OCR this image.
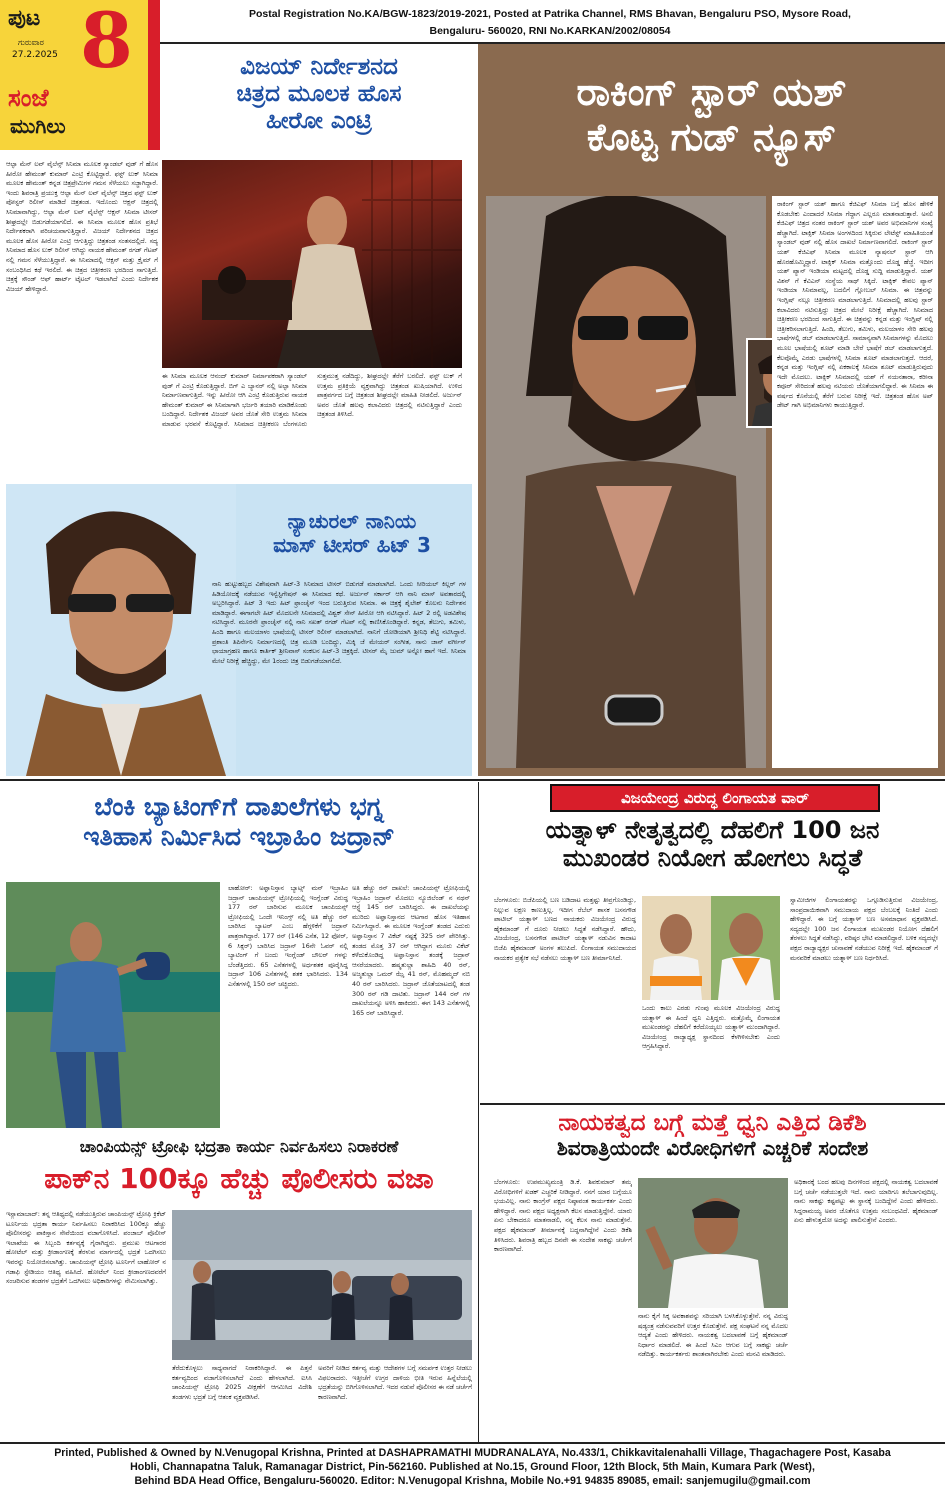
ಪುಟ
ಗುರುವಾರ
27.2.2025 8
ಸಂಜೆ
ಮುಗಿಲು
Postal Registration No.KA/BGW-1823/2019-2021, Posted at Patrika Channel, RMS Bhavan, Bengaluru PSO, Mysore Road,
Bengaluru- 560020, RNI No.KARKAN/2002/08054
ವಿಜಯ್ ನಿರ್ದೇಶನದ
ಚಿತ್ರದ ಮೂಲಕ ಹೊಸ
ಹೀರೋ ಎಂಟ್ರಿ
ಆಲ್ಫಾ ಮೆನ್ ಲವ್ ವೈಲೆನ್ಸ್ ಸಿನಿಮಾ ಮೂಲಕ ಸ್ಯಾಂಡಲ್ ವುಡ್ ಗೆ ಹೊಸ ಹೀರೋ ಹೇಮಂತ್ ಕುಮಾರ್ ಎಂಟ್ರಿ ಕೊಟ್ಟಿದ್ದಾರೆ. ಫಸ್ಟ್ ಲುಕ್ ಸಿನಿಮಾ ಮೂಲಕ ಹೇಮಂತ್ ಕನ್ನಡ ಚಿತ್ರಪ್ರೇಮಿಗಳ ಗಮನ ಸೆಳೆಯಲು ಸಜ್ಜಾಗಿದ್ದಾರೆ. ಇಂದು ಶಿವರಾತ್ರಿ ಪ್ರಯುಕ್ತ ಆಲ್ಫಾ ಮೆನ್ ಲವ್ ವೈಲೆನ್ಸ್ ಚಿತ್ರದ ಫಸ್ಟ್ ಲುಕ್ ಪೋಸ್ಟರ್ ರಿಲೀಸ್ ಮಾಡಿದೆ ಚಿತ್ರತಂಡ. ಇದೊಂದು ಆಕ್ಷನ್ ಚಿತ್ರದಲ್ಲಿ ಸಿನಿಮಾವಾಗಿದ್ದು, ಆಲ್ಫಾ ಮೆನ್ ಲವ್ ವೈಲೆನ್ಸ್ ಆಕ್ಷನ್ ಸಿನಿಮಾ ಟೀಸರ್ ಶೀಘ್ರದಲ್ಲೇ ಬಿಡುಗಡೆಯಾಗಲಿದೆ. ಈ ಸಿನಿಮಾ ಮೂಲಕ ಹೊಸ ಪ್ರತಿಭೆ ನಿರ್ದೇಶಕರಾಗಿ ಪರಿಚಯವಾಗುತ್ತಿದ್ದಾರೆ. ವಿಜಯ್ ನಿರ್ದೇಶನದ ಚಿತ್ರದ ಮೂಲಕ ಹೊಸ ಹೀರೋ ಎಂಟ್ರಿ ಆಗುತ್ತಿದ್ದು ಚಿತ್ರತಂಡ ಸಂತಸದಲ್ಲಿದೆ. ಸದ್ಯ ಸಿನಿಮಾದ ಹೊಸ ಲುಕ್ ರಿಲೀಸ್ ಆಗಿದ್ದು ನಾಯಕ ಹೇಮಂತ್ ರಗಡ್ ಗೆಟಪ್ ನಲ್ಲಿ ಗಮನ ಸೆಳೆಯುತ್ತಿದ್ದಾರೆ. ಈ ಸಿನಿಮಾದಲ್ಲಿ ಆಕ್ಷನ್ ಮತ್ತು ಕ್ರೈಮ್ ಗೆ ಸಂಬಂಧಿಸಿದ ಕಥೆ ಇರಲಿದೆ. ಈ ಚಿತ್ರದ ಚಿತ್ರೀಕರಣ ಭರದಿಂದ ಸಾಗುತ್ತಿದೆ. ಚಿತ್ರಕ್ಕೆ ಸೌಂಡ್ ಆಫ್ ಹಾರ್ಟ್ ಟೈಟಲ್ ಇಡಲಾಗಿದೆ ಎಂದು ನಿರ್ದೇಶಕ ವಿಜಯ್ ಹೇಳಿದ್ದಾರೆ.
ಈ ಸಿನಿಮಾ ಮೂಲಕ ಆನಂದ್ ಕುಮಾರ್ ನಿರ್ಮಾಪಕರಾಗಿ ಸ್ಯಾಂಡಲ್ ವುಡ್ ಗೆ ಎಂಟ್ರಿ ಕೊಡುತ್ತಿದ್ದಾರೆ. ಬಿಗ್ ಎ ಬ್ಯಾನರ್ ನಲ್ಲಿ ಅಲ್ಫಾ ಸಿನಿಮಾ ನಿರ್ಮಾಣವಾಗುತ್ತಿದೆ. ಇನ್ನು ಹೀರೋ ಆಗಿ ಎಂಟ್ರಿ ಕೊಡುತ್ತಿರುವ ನಾಯಕ ಹೇಮಂತ್ ಕುಮಾರ್ ಈ ಸಿನಿಮಾಗಾಗಿ ಭರ್ಜರಿ ತಯಾರಿ ಮಾಡಿಕೊಂಡು ಬಂದಿದ್ದಾರೆ. ನಿರ್ದೇಶಕ ವಿಜಯ್ ಅವರ ಜೊತೆ ಸೇರಿ ಉತ್ತಮ ಸಿನಿಮಾ ಮಾಡುವ ಭರವಸೆ ಕೊಟ್ಟಿದ್ದಾರೆ. ಸಿನಿಮಾದ ಚಿತ್ರೀಕರಣ ಬೆಂಗಳೂರು ಸುತ್ತಮುತ್ತ ನಡೆದಿದ್ದು, ಶೀಘ್ರದಲ್ಲೇ ತೆರೆಗೆ ಬರಲಿದೆ. ಫಸ್ಟ್ ಲುಕ್ ಗೆ ಉತ್ತಮ ಪ್ರತಿಕ್ರಿಯೆ ವ್ಯಕ್ತವಾಗಿದ್ದು ಚಿತ್ರತಂಡ ಖುಷಿಯಾಗಿದೆ. ಉಳಿದ ಪಾತ್ರವರ್ಗದ ಬಗ್ಗೆ ಚಿತ್ರತಂಡ ಶೀಘ್ರದಲ್ಲೇ ಮಾಹಿತಿ ನೀಡಲಿದೆ. ಅರ್ಜುನ್ ಅವರ ಜೊತೆ ಹಲವು ಕಲಾವಿದರು ಚಿತ್ರದಲ್ಲಿ ನಟಿಸುತ್ತಿದ್ದಾರೆ ಎಂದು ಚಿತ್ರತಂಡ ತಿಳಿಸಿದೆ.
ನ್ಯಾಚುರಲ್ ನಾನಿಯ
ಮಾಸ್ ಟೀಸರ್ ಹಿಟ್ 3
ನಾನಿ ಹುಟ್ಟುಹಬ್ಬದ ವಿಶೇಷವಾಗಿ ಹಿಟ್-3 ಸಿನಿಮಾದ ಟೀಸರ್ ಬಿಡುಗಡೆ ಮಾಡಲಾಗಿದೆ. ಒಂದು ಸೀರಿಯಲ್ ಕಿಲ್ಲರ್ ಗಳ ಹಿಡಿಯೋದಕ್ಕೆ ನಡೆಯುವ ಇನ್ವೆಸ್ಟಿಗೇಷನ್ ಈ ಸಿನಿಮಾದ ಕಥೆ. ಅರ್ಜುನ್ ಸರ್ಕಾರ್ ಆಗಿ ನಾನಿ ಮಾಸ್ ಅವತಾರದಲ್ಲಿ ಅಬ್ಬರಿಸಿದ್ದಾರೆ. ಹಿಟ್ 3 ಇದು ಹಿಟ್ ಫ್ರಾಂಚೈಸ್ ಇಂದ ಬರುತ್ತಿರುವ ಸಿನಿಮಾ. ಈ ಚಿತ್ರಕ್ಕೆ ಶೈಲೇಶ್ ಕೊಲನು ನಿರ್ದೇಶನ ಮಾಡಿದ್ದಾರೆ. ಈಗಾಗಲೇ ಹಿಟ್ ಮೊದಲನೇ ಸಿನಿಮಾದಲ್ಲಿ ವಿಶ್ವಕ್ ಸೇನ್ ಹೀರೋ ಆಗಿ ನಟಿಸಿದ್ದಾರೆ. ಹಿಟ್ 2 ರಲ್ಲಿ ಅಡವಿಶೇಷ ನಟಿಸಿದ್ದಾರೆ. ಮೂರನೇ ಫ್ರಾಂಚೈಸ್ ನಲ್ಲಿ ನಾನಿ ಸಖತ್ ರಗಡ್ ಗೆಟಪ್ ನಲ್ಲಿ ಕಾಣಿಸಿಕೊಂಡಿದ್ದಾರೆ. ಕನ್ನಡ, ತೆಲುಗು, ತಮಿಳು, ಹಿಂದಿ ಹಾಗೂ ಮಲಯಾಳಂ ಭಾಷೆಯಲ್ಲಿ ಟೀಸರ್ ರಿಲೀಸ್ ಮಾಡಲಾಗಿದೆ. ನಾನಿಗೆ ಜೋಡಿಯಾಗಿ ಶ್ರೀನಿಧಿ ಶೆಟ್ಟಿ ನಟಿಸಿದ್ದಾರೆ. ಪ್ರಶಾಂತಿ ತಿಪಿರ್ನೇನಿ ನಿರ್ಮಾಣದಲ್ಲಿ ಚಿತ್ರ ಮೂಡಿ ಬಂದಿದ್ದು, ಮಿಕ್ಕಿ ಜೆ ಮೇಯರ್ ಸಂಗೀತ, ಸಾನು ಜಾನ್ ವರ್ಗೀಸ್ ಛಾಯಾಗ್ರಹಣ ಹಾಗೂ ಕಾರ್ತಿಕ್ ಶ್ರೀನಿವಾಸ್ ಸಂಕಲನ ಹಿಟ್-3 ಚಿತ್ರಕ್ಕಿದೆ. ಟೀಸರ್ ಮೈ ಜುಮ್ ಅನ್ನೋ ಹಾಗೆ ಇದೆ. ಸಿನಿಮಾ ಮೇಲೆ ನಿರೀಕ್ಷೆ ಹೆಚ್ಚಿದ್ದು, ಮೇ 1ರಂದು ಚಿತ್ರ ಬಿಡುಗಡೆಯಾಗಲಿದೆ.
ರಾಕಿಂಗ್ ಸ್ಟಾರ್ ಯಶ್
ಕೊಟ್ಟ ಗುಡ್ ನ್ಯೂಸ್
ರಾಕಿಂಗ್ ಸ್ಟಾರ್ ಯಶ್ ಹಾಗೂ ಕೆಜಿಎಫ್ ಸಿನಿಮಾ ಬಗ್ಗೆ ಹೊಸ ಹೇಳಿಕೆ ಕೊಡಬೇಕು ಎಂದಾದರೆ ಸಿನಿಮಾ ಗೆದ್ದಾಗ ಎಲ್ಲರೂ ಮಾತನಾಡುತ್ತಾರೆ. ಅಸಲಿ ಕೆಜಿಎಫ್ ಚಿತ್ರದ ನಂತರ ರಾಕಿಂಗ್ ಸ್ಟಾರ್ ಯಶ್ ಅವರ ಅಭಿಮಾನಿಗಳ ಸಂಖ್ಯೆ ಹೆಚ್ಚಾಗಿದೆ. ಟಾಕ್ಸಿಕ್ ಸಿನಿಮಾ ಅಂಗಳದಿಂದ ಸಿಕ್ಕಿರುವ ಲೇಟೆಸ್ಟ್ ಮಾಹಿತಿಯಂತೆ ಸ್ಯಾಂಡಲ್ ವುಡ್ ನಲ್ಲಿ ಹೊಸ ದಾಖಲೆ ನಿರ್ಮಾಣವಾಗಲಿದೆ. ರಾಕಿಂಗ್ ಸ್ಟಾರ್ ಯಶ್ ಕೆಜಿಎಫ್ ಸಿನಿಮಾ ಮೂಲಕ ನ್ಯಾಷನಲ್ ಸ್ಟಾರ್ ಆಗಿ ಹೊರಹೊಮ್ಮಿದ್ದಾರೆ. ಟಾಕ್ಸಿಕ್ ಸಿನಿಮಾ ಮತ್ತೊಂದು ದೊಡ್ಡ ಹೆಜ್ಜೆ. ಇದೀಗ ಯಶ್ ಪ್ಯಾನ್ ಇಂಡಿಯಾ ಮಟ್ಟದಲ್ಲಿ ದೊಡ್ಡ ಸುದ್ದಿ ಮಾಡುತ್ತಿದ್ದಾರೆ. ಯಶ್ ವಿಶನ್ ಗೆ ಕೆವಿಎನ್ ಸಂಸ್ಥೆಯ ಸಾಥ್ ಸಿಕ್ಕಿದೆ. ಟಾಕ್ಸಿಕ್ ಕೇವಲ ಪ್ಯಾನ್ ಇಂಡಿಯಾ ಸಿನಿಮಾವಲ್ಲ, ಬದಲಿಗೆ ಗ್ಲೋಬಲ್ ಸಿನಿಮಾ. ಈ ಚಿತ್ರವನ್ನು ಇಂಗ್ಲಿಷ್ ನಲ್ಲೂ ಚಿತ್ರೀಕರಣ ಮಾಡಲಾಗುತ್ತಿದೆ. ಸಿನಿಮಾದಲ್ಲಿ ಹಲವು ಸ್ಟಾರ್ ಕಲಾವಿದರು ನಟಿಸುತ್ತಿದ್ದು ಚಿತ್ರದ ಮೇಲೆ ನಿರೀಕ್ಷೆ ಹೆಚ್ಚಾಗಿದೆ. ಸಿನಿಮಾದ ಚಿತ್ರೀಕರಣ ಭರದಿಂದ ಸಾಗುತ್ತಿದೆ. ಈ ಚಿತ್ರವನ್ನು ಕನ್ನಡ ಮತ್ತು ಇಂಗ್ಲಿಷ್ ನಲ್ಲಿ ಚಿತ್ರೀಕರಿಸಲಾಗುತ್ತಿದೆ. ಹಿಂದಿ, ತೆಲುಗು, ತಮಿಳು, ಮಲಯಾಳಂ ಸೇರಿ ಹಲವು ಭಾಷೆಗಳಲ್ಲಿ ಡಬ್ ಮಾಡಲಾಗುತ್ತಿದೆ. ಸಾಮಾನ್ಯವಾಗಿ ಸಿನಿಮಾಗಳನ್ನು ಮೊದಲು ಮೂಲ ಭಾಷೆಯಲ್ಲಿ ಶೂಟ್ ಮಾಡಿ ಬೇರೆ ಭಾಷೆಗೆ ಡಬ್ ಮಾಡಲಾಗುತ್ತದೆ. ಕೆಲವೊಮ್ಮೆ ಎರಡು ಭಾಷೆಗಳಲ್ಲಿ ಸಿನಿಮಾ ಶೂಟ್ ಮಾಡಲಾಗುತ್ತದೆ. ಆದರೆ, ಕನ್ನಡ ಮತ್ತು ಇಂಗ್ಲಿಷ್ ನಲ್ಲಿ ಏಕಕಾಲಕ್ಕೆ ಸಿನಿಮಾ ಶೂಟ್ ಮಾಡುತ್ತಿರುವುದು ಇದೇ ಮೊದಲು. ಟಾಕ್ಸಿಕ್ ಸಿನಿಮಾದಲ್ಲಿ ಯಶ್ ಗೆ ನಯನತಾರಾ, ಕರೀನಾ ಕಪೂರ್ ಸೇರಿದಂತೆ ಹಲವು ನಟಿಯರು ಜೊತೆಯಾಗಲಿದ್ದಾರೆ. ಈ ಸಿನಿಮಾ ಈ ವರ್ಷದ ಕೊನೆಯಲ್ಲಿ ತೆರೆಗೆ ಬರುವ ನಿರೀಕ್ಷೆ ಇದೆ. ಚಿತ್ರತಂಡ ಹೊಸ ಅಪ್ ಡೇಟ್ ಗಾಗಿ ಅಭಿಮಾನಿಗಳು ಕಾಯುತ್ತಿದ್ದಾರೆ.
ಬೆಂಕಿ ಬ್ಯಾಟಿಂಗ್‌ಗೆ ದಾಖಲೆಗಳು ಭಗ್ನ
ಇತಿಹಾಸ ನಿರ್ಮಿಸಿದ ಇಬ್ರಾಹಿಂ ಜದ್ರಾನ್
ಲಾಹೋರ್: ಅಫ್ಘಾನಿಸ್ತಾನ ಬ್ಯಾಟ್ಸ್ ಮನ್ ಇಬ್ರಾಹಿಂ ಜದ್ರಾನ್ ಚಾಂಪಿಯನ್ಸ್ ಟ್ರೋಫಿಯಲ್ಲಿ ಇಂಗ್ಲೆಂಡ್ ವಿರುದ್ಧ 177 ರನ್ ಬಾರಿಸುವ ಮೂಲಕ ಚಾಂಪಿಯನ್ಸ್ ಟ್ರೋಫಿಯಲ್ಲಿ ಒಂದೇ ಇನಿಂಗ್ಸ್ ನಲ್ಲಿ ಅತಿ ಹೆಚ್ಚು ರನ್ ಬಾರಿಸಿದ ಬ್ಯಾಟರ್ ಎಂಬ ಹೆಗ್ಗಳಿಕೆಗೆ ಜದ್ರಾನ್ ಪಾತ್ರರಾಗಿದ್ದಾರೆ. 177 ರನ್ (146 ಎಸೆತ, 12 ಫೋರ್, 6 ಸಿಕ್ಸರ್) ಬಾರಿಸಿದ ಜದ್ರಾನ್ 16ನೇ ಓವರ್ ನಲ್ಲಿ ಬ್ಯಾಟಿಂಗ್ ಗೆ ಬಂದು ಇಂಗ್ಲೆಂಡ್ ಬೌಲರ್ ಗಳನ್ನು ಬೆಂಡೆತ್ತಿದರು. 65 ಎಸೆತಗಳಲ್ಲಿ ಅರ್ಧಶತಕ ಪೂರೈಸಿದ್ದ ಜದ್ರಾನ್ 106 ಎಸೆತಗಳಲ್ಲಿ ಶತಕ ಭಾರಿಸಿದರು. 134 ಎಸೆತಗಳಲ್ಲಿ 150 ರನ್ ಚಚ್ಚಿದರು.
ಅತಿ ಹೆಚ್ಚು ರನ್ ದಾಖಲೆ: ಚಾಂಪಿಯನ್ಸ್ ಟ್ರೋಫಿಯಲ್ಲಿ ಇಬ್ರಾಹಿಂ ಜದ್ರಾನ್ ಮೊದಲು ನ್ಯೂಜಿಲೆಂಡ್ ನ ನಥನ್ ಆಸ್ಟ್ಲೆ 145 ರನ್ ಬಾರಿಸಿದ್ದರು. ಈ ದಾಖಲೆಯನ್ನು ಮುರಿದು ಅಫ್ಘಾನಿಸ್ತಾನದ ಆಟಗಾರ ಹೊಸ ಇತಿಹಾಸ ನಿರ್ಮಿಸಿದ್ದಾರೆ. ಈ ಮೂಲಕ ಇಂಗ್ಲೆಂಡ್ ತಂಡದ ಎದುರು ಅಫ್ಘಾನಿಸ್ತಾನ 7 ವಿಕೆಟ್ ನಷ್ಟಕ್ಕೆ 325 ರನ್ ಪೇರಿಸಿತ್ತು. ತಂಡದ ಮೊತ್ತ 37 ರನ್ ಆಗಿದ್ದಾಗ ಮೂರು ವಿಕೆಟ್ ಕಳೆದುಕೊಂಡಿದ್ದ ಅಫ್ಘಾನಿಸ್ತಾನ ತಂಡಕ್ಕೆ ಜದ್ರಾನ್ ಆಸರೆಯಾದರು. ಹಷ್ಮತುಲ್ಲಾ ಶಾಹಿದಿ 40 ರನ್, ಅಜ್ಮತುಲ್ಲಾ ಒಮರ್ ಝೈ 41 ರನ್, ಮೊಹಮ್ಮದ್ ನಬಿ 40 ರನ್ ಬಾರಿಸಿದರು. ಜದ್ರಾನ್ ಜೊತೆಯಾಟದಲ್ಲಿ ತಂಡ 300 ರನ್ ಗಡಿ ದಾಟಿತು. ಜದ್ರಾನ್ 144 ರನ್ ಗಳ ದಾಖಲೆಯನ್ನೂ ಅಳಿಸಿ ಹಾಕಿದರು. ಈಗ 143 ಎಸೆತಗಳಲ್ಲಿ 165 ರನ್ ಬಾರಿಸಿದ್ದಾರೆ.
ವಿಜಯೇಂದ್ರ ವಿರುದ್ಧ ಲಿಂಗಾಯತ ವಾರ್
ಯತ್ನಾಳ್ ನೇತೃತ್ವದಲ್ಲಿ ದೆಹಲಿಗೆ 100 ಜನ
ಮುಖಂಡರ ನಿಯೋಗ ಹೋಗಲು ಸಿದ್ಧತೆ
ಬೆಂಗಳೂರು: ಬಿಜೆಪಿಯಲ್ಲಿ ಬಣ ಬಡಿದಾಟ ಮತ್ತಷ್ಟು ತೀವ್ರಗೊಂಡಿದ್ದು, ನಿಲ್ಲುವ ಲಕ್ಷಣ ಕಾಣುತ್ತಿಲ್ಲ. ಇದೀಗ ರೆಬೆಲ್ ಶಾಸಕ ಬಸನಗೌಡ ಪಾಟೀಲ್ ಯತ್ನಾಳ್ ಬಣದ ನಾಯಕರು ವಿಜಯೇಂದ್ರ ವಿರುದ್ಧ ಹೈಕಮಾಂಡ್ ಗೆ ದೂರು ನೀಡಲು ಸಿದ್ಧತೆ ನಡೆಸಿದ್ದಾರೆ. ಹೌದು, ವಿಜಯೇಂದ್ರ, ಬಸನಗೌಡ ಪಾಟೀಲ್ ಯತ್ನಾಳ್ ನಡುವಿನ ಕಾದಾಟ ಬಿಜೆಪಿ ಹೈಕಮಾಂಡ್ ಅಂಗಳ ತಲುಪಿದೆ. ಲಿಂಗಾಯತ ಸಮುದಾಯದ ನಾಯಕರ ಪ್ರತ್ಯೇಕ ಸಭೆ ನಡೆಸಲು ಯತ್ನಾಳ್ ಬಣ ತೀರ್ಮಾನಿಸಿದೆ.
ಒಂದು ಕಾಲು ಎರಡು ಗುಂಪು ಮೂಲಕ ವಿಜಯೇಂದ್ರ ವಿರುದ್ಧ ಯತ್ನಾಳ್ ಈ ಹಿಂದೆ ಧ್ವನಿ ಎತ್ತಿದ್ದರು. ಮತ್ತೊಮ್ಮೆ ಲಿಂಗಾಯತ ಮುಖಂಡರನ್ನು ದೆಹಲಿಗೆ ಕರೆದೊಯ್ಯಲು ಯತ್ನಾಳ್ ಮುಂದಾಗಿದ್ದಾರೆ. ವಿಜಯೇಂದ್ರ ರಾಜ್ಯಾಧ್ಯಕ್ಷ ಸ್ಥಾನದಿಂದ ಕೆಳಗಿಳಿಸಬೇಕು ಎಂದು ಆಗ್ರಹಿಸಿದ್ದಾರೆ.
ಸ್ವಾಮೀಜಿಗಳ ಲಿಂಗಾಯತರನ್ನು ಒಗ್ಗೂಡಿಸುತ್ತಿರುವ ವಿಜಯೇಂದ್ರ, ಸಾಂಪ್ರದಾಯಿಕವಾಗಿ ಸಮುದಾಯ ಪಕ್ಷದ ಬೆಂಬಲಕ್ಕೆ ನಿಂತಿದೆ ಎಂದು ಹೇಳಿದ್ದಾರೆ. ಈ ಬಗ್ಗೆ ಯತ್ನಾಳ್ ಬಣ ಅಸಮಾಧಾನ ವ್ಯಕ್ತಪಡಿಸಿದೆ. ಸದ್ಯದಲ್ಲೇ 100 ಜನ ಲಿಂಗಾಯತ ಮುಖಂಡರ ನಿಯೋಗ ದೆಹಲಿಗೆ ತೆರಳಲು ಸಿದ್ಧತೆ ನಡೆಸಿದ್ದು, ವರಿಷ್ಠರ ಭೇಟಿ ಮಾಡಲಿದ್ದಾರೆ. ಬಳಿಕ ಸದ್ಯದಲ್ಲೇ ಪಕ್ಷದ ರಾಜ್ಯಾಧ್ಯಕ್ಷರ ಚುನಾವಣೆ ನಡೆಯುವ ನಿರೀಕ್ಷೆ ಇದೆ. ಹೈಕಮಾಂಡ್ ಗೆ ಮನವರಿಕೆ ಮಾಡಲು ಯತ್ನಾಳ್ ಬಣ ನಿರ್ಧರಿಸಿದೆ.
ನಾಯಕತ್ವದ ಬಗ್ಗೆ ಮತ್ತೆ ಧ್ವನಿ ಎತ್ತಿದ ಡಿಕೆಶಿ
ಶಿವರಾತ್ರಿಯಂದೇ ವಿರೋಧಿಗಳಿಗೆ ಎಚ್ಚರಿಕೆ ಸಂದೇಶ
ಬೆಂಗಳೂರು: ಉಪಮುಖ್ಯಮಂತ್ರಿ ಡಿ.ಕೆ. ಶಿವಕುಮಾರ್ ತಮ್ಮ ವಿರೋಧಿಗಳಿಗೆ ಖಡಕ್ ಎಚ್ಚರಿಕೆ ನೀಡಿದ್ದಾರೆ. ನನಗೆ ಯಾರ ಬಗ್ಗೆಯೂ ಭಯವಿಲ್ಲ. ನಾನು ಕಾಂಗ್ರೆಸ್ ಪಕ್ಷದ ನಿಷ್ಠಾವಂತ ಕಾರ್ಯಕರ್ತ ಎಂದು ಹೇಳಿದ್ದಾರೆ. ನಾನು ಪಕ್ಷದ ಅಧ್ಯಕ್ಷನಾಗಿ ಕೆಲಸ ಮಾಡುತ್ತಿದ್ದೇನೆ. ಯಾರು ಏನು ಬೇಕಾದರೂ ಮಾತನಾಡಲಿ, ನನ್ನ ಕೆಲಸ ನಾನು ಮಾಡುತ್ತೇನೆ. ಪಕ್ಷದ ಹೈಕಮಾಂಡ್ ತೀರ್ಮಾನಕ್ಕೆ ಬದ್ಧನಾಗಿದ್ದೇನೆ ಎಂದು ಡಿಕೆಶಿ ತಿಳಿಸಿದರು. ಶಿವರಾತ್ರಿ ಹಬ್ಬದ ದಿನವೇ ಈ ಸಂದೇಶ ಸಾಕಷ್ಟು ಚರ್ಚೆಗೆ ಕಾರಣವಾಗಿದೆ.
ನಾನು ಕೈಗೆ ಸಿಕ್ಕ ಅವಕಾಶವನ್ನು ಸರಿಯಾಗಿ ಬಳಸಿಕೊಳ್ಳುತ್ತೇನೆ. ನನ್ನ ವಿರುದ್ಧ ಷಡ್ಯಂತ್ರ ನಡೆಸುವವರಿಗೆ ಉತ್ತರ ಕೊಡುತ್ತೇನೆ. ಪಕ್ಷ ಸಂಘಟನೆ ನನ್ನ ಮೊದಲ ಆದ್ಯತೆ ಎಂದು ಹೇಳಿದರು. ನಾಯಕತ್ವ ಬದಲಾವಣೆ ಬಗ್ಗೆ ಹೈಕಮಾಂಡ್ ನಿರ್ಧಾರ ಮಾಡಲಿದೆ. ಈ ಹಿಂದೆ ಸಿಎಂ ಆಗುವ ಬಗ್ಗೆ ಸಾಕಷ್ಟು ಚರ್ಚೆ ನಡೆದಿತ್ತು. ಕಾರ್ಯಕರ್ತರು ಶಾಂತವಾಗಿರಬೇಕು ಎಂದು ಮನವಿ ಮಾಡಿದರು.
ಅಧಿಕಾರಕ್ಕೆ ಬಂದ ಹಲವು ದಿನಗಳಿಂದ ಪಕ್ಷದಲ್ಲಿ ನಾಯಕತ್ವ ಬದಲಾವಣೆ ಬಗ್ಗೆ ಚರ್ಚೆ ನಡೆಯುತ್ತಲೇ ಇದೆ. ನಾನು ಯಾರಿಗೂ ತಲೆಬಾಗುವುದಿಲ್ಲ. ನಾನು ಸಾಕಷ್ಟು ಕಷ್ಟಪಟ್ಟು ಈ ಸ್ಥಾನಕ್ಕೆ ಬಂದಿದ್ದೇನೆ ಎಂದು ಹೇಳಿದರು. ಸಿದ್ದರಾಮಯ್ಯ ಅವರ ಜೊತೆಗೂ ಉತ್ತಮ ಸಂಬಂಧವಿದೆ. ಹೈಕಮಾಂಡ್ ಏನು ಹೇಳುತ್ತದೋ ಅದನ್ನು ಪಾಲಿಸುತ್ತೇನೆ ಎಂದರು.
ಚಾಂಪಿಯನ್ಸ್ ಟ್ರೋಫಿ ಭದ್ರತಾ ಕಾರ್ಯ ನಿರ್ವಹಿಸಲು ನಿರಾಕರಣೆ
ಪಾಕ್‌ನ 100ಕ್ಕೂ ಹೆಚ್ಚು ಪೊಲೀಸರು ವಜಾ
ಇಸ್ಲಾಮಾಬಾದ್: ತನ್ನ ಆತಿಥ್ಯದಲ್ಲಿ ನಡೆಯುತ್ತಿರುವ ಚಾಂಪಿಯನ್ಸ್ ಟ್ರೋಫಿ ಕ್ರಿಕೆಟ್ ಟೂರ್ನಿಯ ಭದ್ರತಾ ಕಾರ್ಯ ನಿರ್ವಹಿಸಲು ನಿರಾಕರಿಸಿದ 100ಕ್ಕೂ ಹೆಚ್ಚು ಪೊಲೀಸರನ್ನು ಪಾಕಿಸ್ತಾನ ಸೇವೆಯಿಂದ ವಜಾಗೊಳಿಸಿದೆ. ಪಂಜಾಬ್ ಪೊಲೀಸ್ ಇಲಾಖೆಯ ಈ ಸಿಬ್ಬಂದಿ ಕರ್ತವ್ಯಕ್ಕೆ ಗೈರಾಗಿದ್ದರು. ಪ್ರಮುಖ ಆಟಗಾರರ ಹೋಟೆಲ್ ಮತ್ತು ಕ್ರೀಡಾಂಗಣಕ್ಕೆ ತೆರಳುವ ಮಾರ್ಗದಲ್ಲಿ ಭದ್ರತೆ ಒದಗಿಸಲು ಇವರನ್ನು ನಿಯೋಜಿಸಲಾಗಿತ್ತು. ಚಾಂಪಿಯನ್ಸ್ ಟ್ರೋಫಿ ಟೂರ್ನಿಗೆ ಲಾಹೋರ್ ನ ಗಡಾಫಿ ಸ್ಟೇಡಿಯಂ ಆತಿಥ್ಯ ವಹಿಸಿದೆ. ಹೋಟೆಲ್ ನಿಂದ ಕ್ರೀಡಾಂಗಣದವರೆಗೆ ಸಂಚರಿಸುವ ತಂಡಗಳ ಭದ್ರತೆಗೆ ಒದಗಿಸಲು ಅಧಿಕಾರಿಗಳನ್ನು ನೇಮಿಸಲಾಗಿತ್ತು.
ತೆರೆದುಕೊಳ್ಳಲು ಸಾಧ್ಯವಾಗದೆ ನಿರಾಕರಿಸಿದ್ದಾರೆ. ಈ ಪಿತ್ತನೆ ಕರ್ತವ್ಯದಿಂದ ವಜಾಗೊಳಿಸಲಾಗಿದೆ ಎಂದು ಹೇಳಲಾಗಿದೆ. ಐಸಿಸಿ ಚಾಂಪಿಯನ್ಸ್ ಟ್ರೋಫಿ 2025 ವೀಕ್ಷಣೆಗೆ ಆಗಮಿಸಿದ ವಿದೇಶಿ ತಂಡಗಳು ಭದ್ರತೆ ಬಗ್ಗೆ ಆತಂಕ ವ್ಯಕ್ತಪಡಿಸಿವೆ.
ಅವರಿಗೆ ನೀಡಿದ ಕರ್ತವ್ಯ ಮತ್ತು ಆದೇಶಗಳ ಬಗ್ಗೆ ಸಮರ್ಪಕ ಉತ್ತರ ನೀಡಲು ವಿಫಲರಾದರು. ಇತ್ತೀಚೆಗೆ ಉಗ್ರರ ದಾಳಿಯ ಭೀತಿ ಇರುವ ಹಿನ್ನೆಲೆಯಲ್ಲಿ ಭದ್ರತೆಯನ್ನು ಬಿಗಿಗೊಳಿಸಲಾಗಿದೆ. ಇದರ ನಡುವೆ ಪೊಲೀಸರ ಈ ನಡೆ ಚರ್ಚೆಗೆ ಕಾರಣವಾಗಿದೆ.
Printed, Published & Owned by N.Venugopal Krishna, Printed at DASHAPRAMATHI MUDRANALAYA, No.433/1, Chikkavitalenahalli Village, Thagachagere Post, Kasaba
Hobli, Channapatna Taluk, Ramanagar District, Pin-562160. Published at No.15, Ground Floor, 12th Block, 5th Main, Kumara Park (West),
Behind BDA Head Office, Bengaluru-560020. Editor: N.Venugopal Krishna, Mobile No.+91 94835 89085, email: sanjemugilu@gmail.com
